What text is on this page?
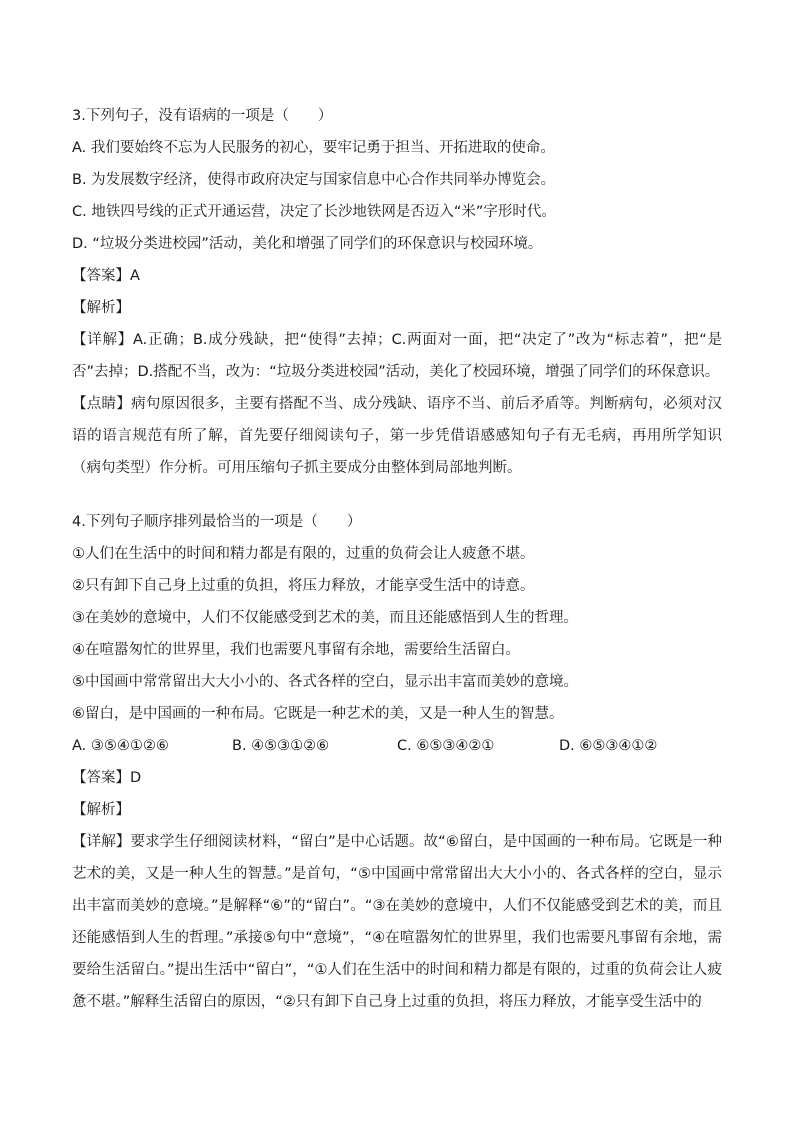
3.下列句子，没有语病的一项是（　　）
A. 我们要始终不忘为人民服务的初心，要牢记勇于担当、开拓进取的使命。
B. 为发展数字经济，使得市政府决定与国家信息中心合作共同举办博览会。
C. 地铁四号线的正式开通运营，决定了长沙地铁网是否迈入“米”字形时代。
D. “垃圾分类进校园”活动，美化和增强了同学们的环保意识与校园环境。
【答案】A
【解析】
【详解】A.正确；B.成分残缺，把“使得”去掉；C.两面对一面，把“决定了”改为“标志着”，把“是否”去掉；D.搭配不当，改为：“垃圾分类进校园”活动，美化了校园环境，增强了同学们的环保意识。
【点睛】病句原因很多，主要有搭配不当、成分残缺、语序不当、前后矛盾等。判断病句，必须对汉语的语言规范有所了解，首先要仔细阅读句子，第一步凭借语感感知句子有无毛病，再用所学知识（病句类型）作分析。可用压缩句子抓主要成分由整体到局部地判断。
4.下列句子顺序排列最恰当的一项是（　　）
①人们在生活中的时间和精力都是有限的，过重的负荷会让人疲惫不堪。
②只有卸下自己身上过重的负担，将压力释放，才能享受生活中的诗意。
③在美妙的意境中，人们不仅能感受到艺术的美，而且还能感悟到人生的哲理。
④在喧嚣匆忙的世界里，我们也需要凡事留有余地，需要给生活留白。
⑤中国画中常常留出大大小小的、各式各样的空白，显示出丰富而美妙的意境。
⑥留白，是中国画的一种布局。它既是一种艺术的美，又是一种人生的智慧。
A. ③⑤④①②⑥	B. ④⑤③①②⑥	C. ⑥⑤③④②①	D. ⑥⑤③④①②
【答案】D
【解析】
【详解】要求学生仔细阅读材料，“留白”是中心话题。故“⑥留白，是中国画的一种布局。它既是一种艺术的美，又是一种人生的智慧。”是首句，“⑤中国画中常常留出大大小小的、各式各样的空白，显示出丰富而美妙的意境。”是解释“⑥”的“留白”。“③在美妙的意境中，人们不仅能感受到艺术的美，而且还能感悟到人生的哲理。”承接⑤句中“意境”，“④在喧嚣匆忙的世界里，我们也需要凡事留有余地，需要给生活留白。”提出生活中“留白”，“①人们在生活中的时间和精力都是有限的，过重的负荷会让人疲惫不堪。”解释生活留白的原因，“②只有卸下自己身上过重的负担，将压力释放，才能享受生活中的
